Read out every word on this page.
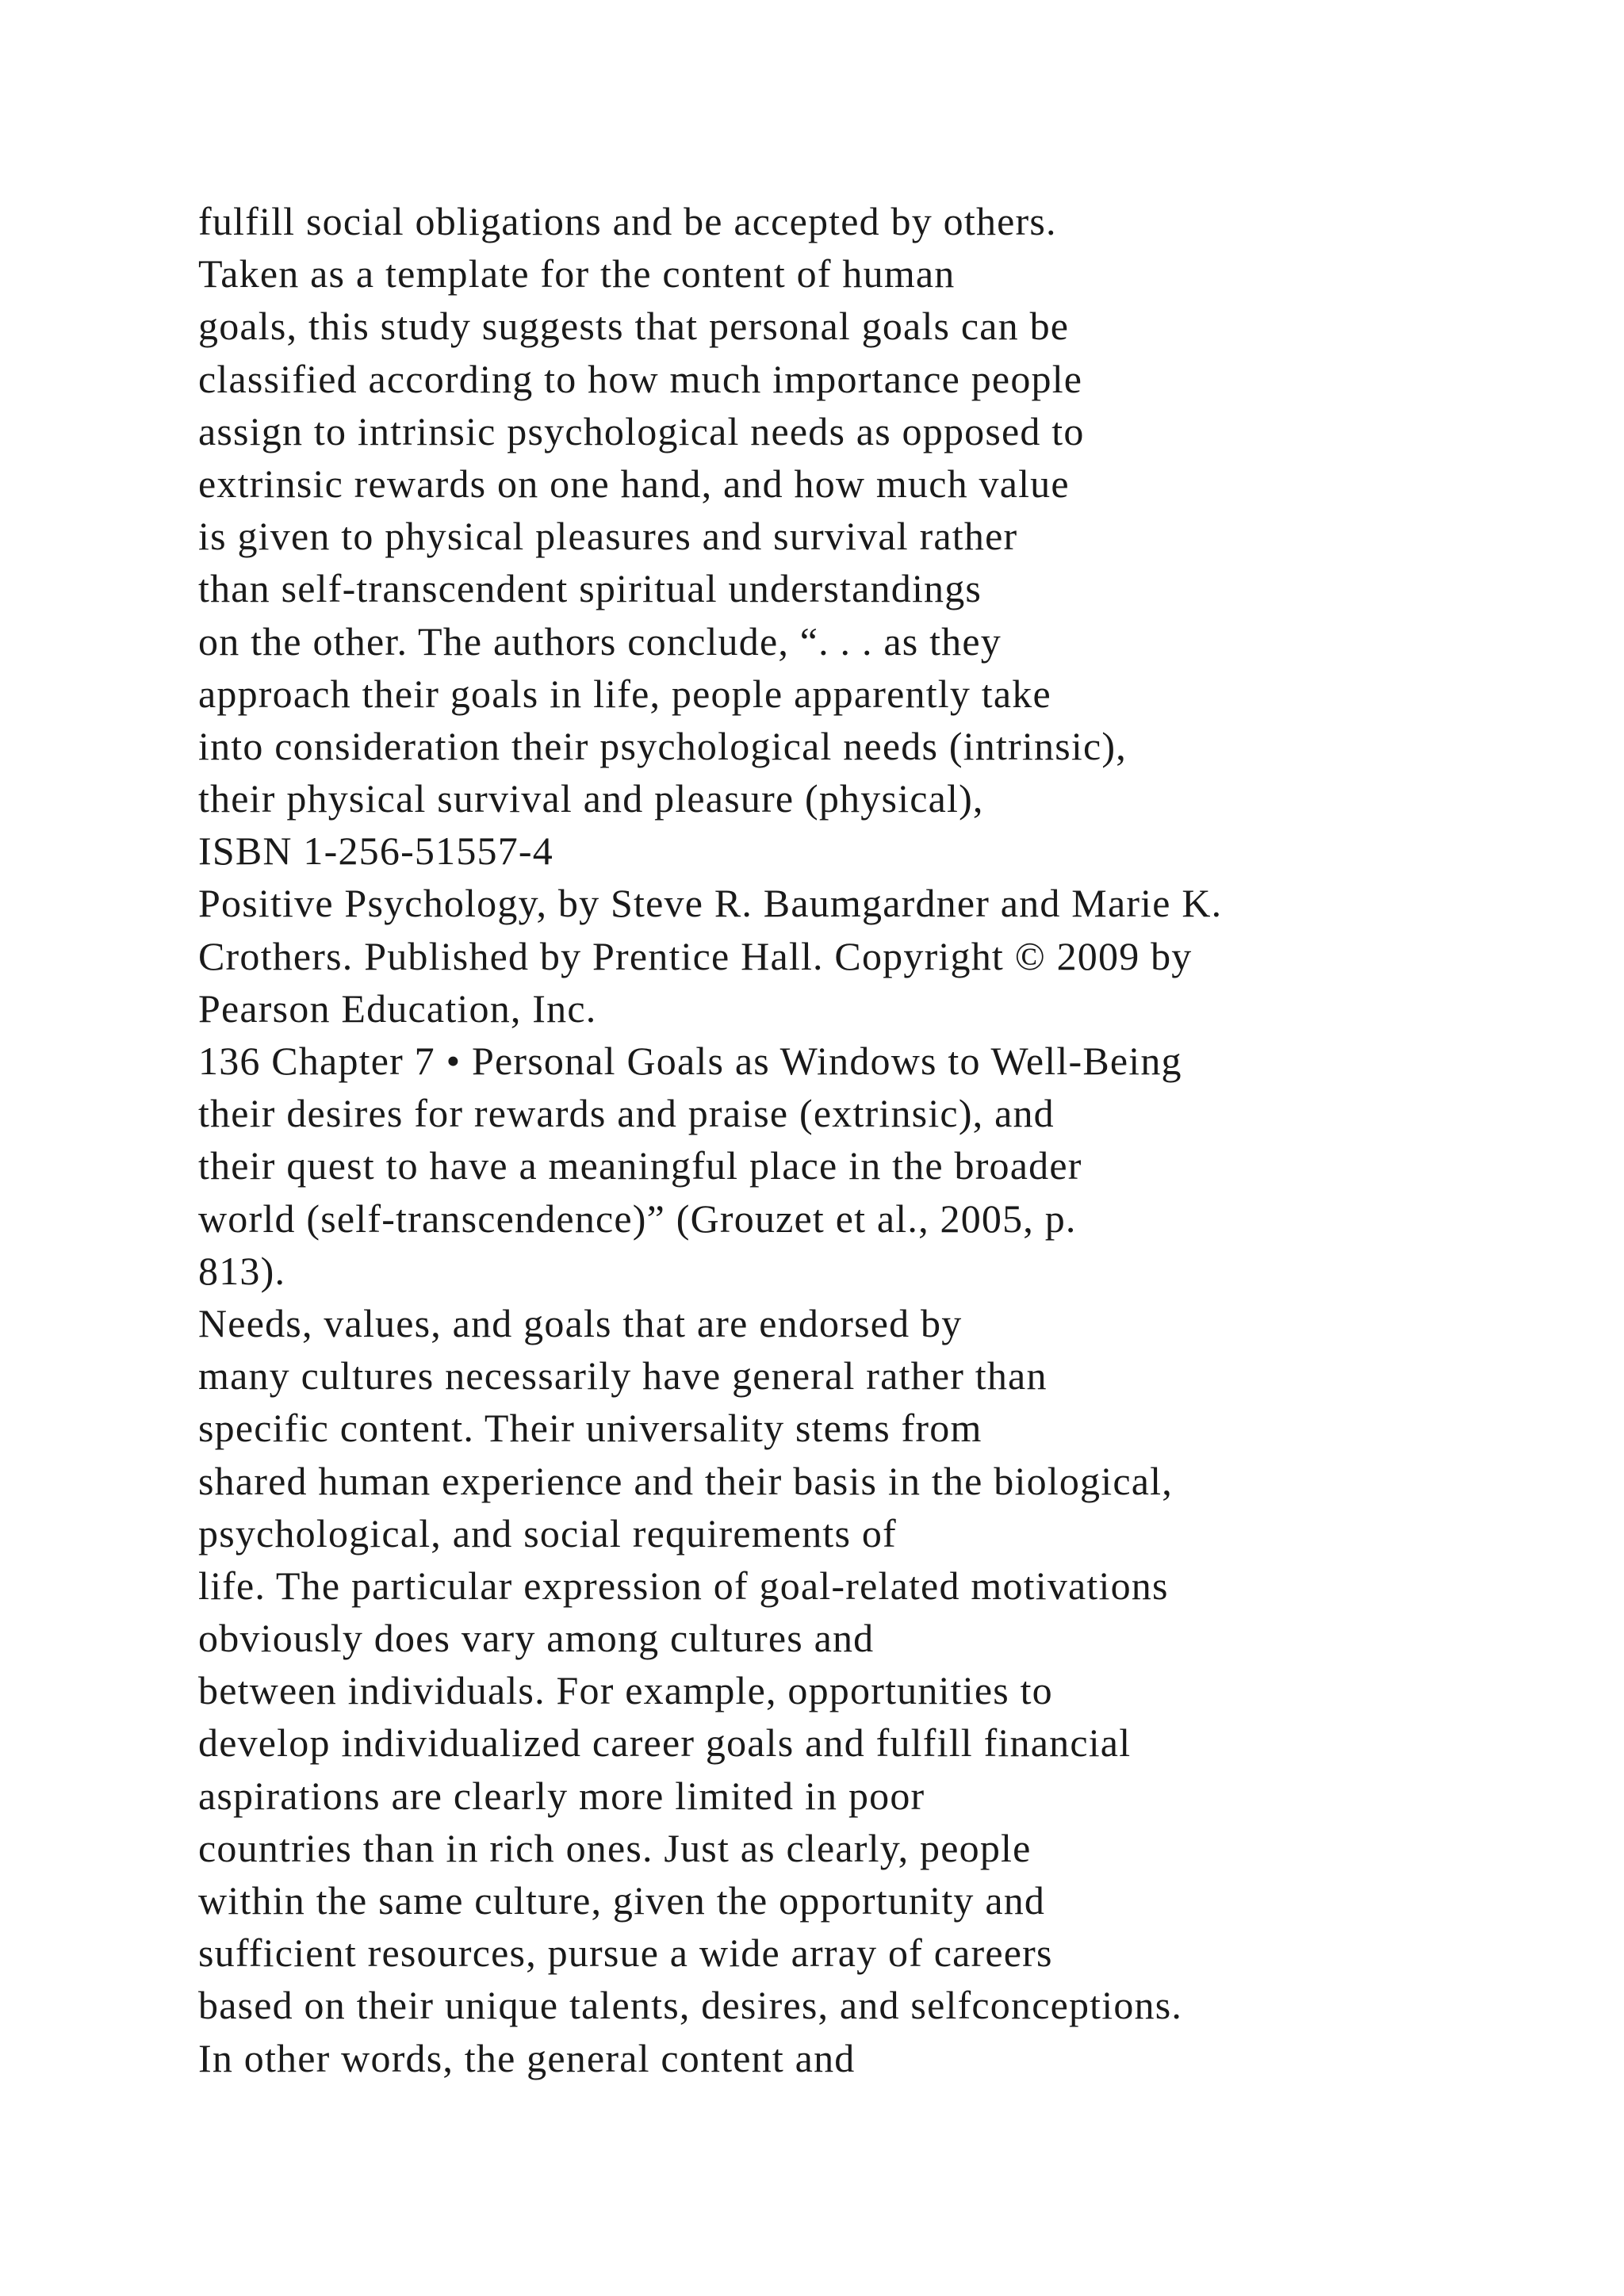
fulfill social obligations and be accepted by others.
Taken as a template for the content of human
goals, this study suggests that personal goals can be
classified according to how much importance people
assign to intrinsic psychological needs as opposed to
extrinsic rewards on one hand, and how much value
is given to physical pleasures and survival rather
than self-transcendent spiritual understandings
on the other. The authors conclude, “. . . as they
approach their goals in life, people apparently take
into consideration their psychological needs (intrinsic),
their physical survival and pleasure (physical),
ISBN 1-256-51557-4
Positive Psychology, by Steve R. Baumgardner and Marie K.
Crothers. Published by Prentice Hall. Copyright © 2009 by
Pearson Education, Inc.
136 Chapter 7 • Personal Goals as Windows to Well-Being
their desires for rewards and praise (extrinsic), and
their quest to have a meaningful place in the broader
world (self-transcendence)” (Grouzet et al., 2005, p.
813).
Needs, values, and goals that are endorsed by
many cultures necessarily have general rather than
specific content. Their universality stems from
shared human experience and their basis in the biological,
psychological, and social requirements of
life. The particular expression of goal-related motivations
obviously does vary among cultures and
between individuals. For example, opportunities to
develop individualized career goals and fulfill financial
aspirations are clearly more limited in poor
countries than in rich ones. Just as clearly, people
within the same culture, given the opportunity and
sufficient resources, pursue a wide array of careers
based on their unique talents, desires, and selfconceptions.
In other words, the general content and
